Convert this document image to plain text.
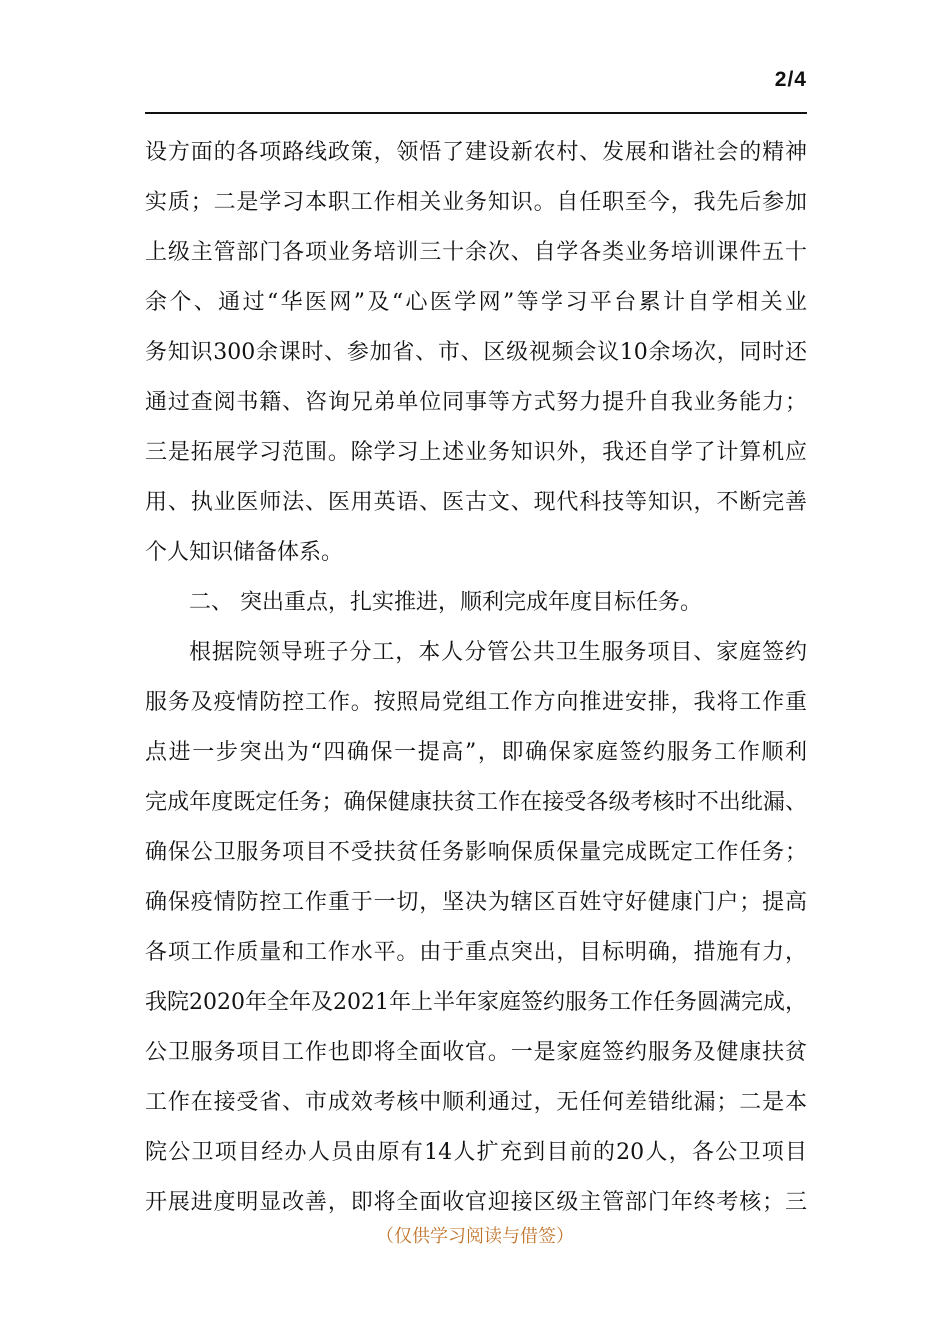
2/4
设方面的各项路线政策，领悟了建设新农村、发展和谐社会的精神
实质；二是学习本职工作相关业务知识。自任职至今，我先后参加
上级主管部门各项业务培训三十余次、自学各类业务培训课件五十
余个、通过“华医网”及“心医学网”等学习平台累计自学相关业
务知识300余课时、参加省、市、区级视频会议10余场次，同时还
通过查阅书籍、咨询兄弟单位同事等方式努力提升自我业务能力；
三是拓展学习范围。除学习上述业务知识外，我还自学了计算机应
用、执业医师法、医用英语、医古文、现代科技等知识，不断完善
个人知识储备体系。
二、 突出重点，扎实推进，顺利完成年度目标任务。
根据院领导班子分工，本人分管公共卫生服务项目、家庭签约
服务及疫情防控工作。按照局党组工作方向推进安排，我将工作重
点进一步突出为“四确保一提高”，即确保家庭签约服务工作顺利
完成年度既定任务；确保健康扶贫工作在接受各级考核时不出纰漏、
确保公卫服务项目不受扶贫任务影响保质保量完成既定工作任务；
确保疫情防控工作重于一切，坚决为辖区百姓守好健康门户；提高
各项工作质量和工作水平。由于重点突出，目标明确，措施有力，
我院2020年全年及2021年上半年家庭签约服务工作任务圆满完成，
公卫服务项目工作也即将全面收官。一是家庭签约服务及健康扶贫
工作在接受省、市成效考核中顺利通过，无任何差错纰漏；二是本
院公卫项目经办人员由原有14人扩充到目前的20人，各公卫项目
开展进度明显改善，即将全面收官迎接区级主管部门年终考核；三
（仅供学习阅读与借签）
